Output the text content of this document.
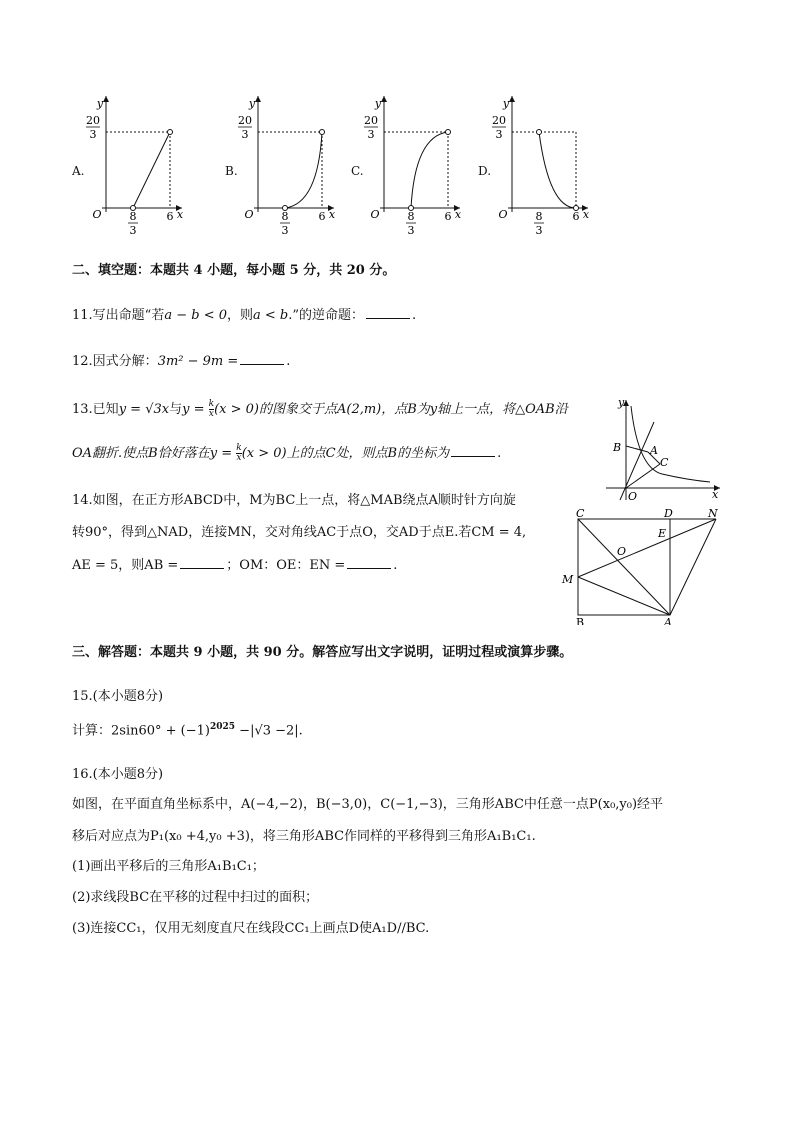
A.	B.	C.	D.
y
x
O
20
3
8
3
6
y
x
O
20
3
8
3
6
y
x
O
20
3
8
3
6
y
x
O
20
3
8
3
6
二、填空题：本题共 4 小题，每小题 5 分，共 20 分。
11.写出命题“若a − b < 0，则a < b.”的逆命题：	.
12.因式分解：3m² − 9m =	.
13.已知y = √3x与$y = \frac{k}{x} (x > 0)$的图象交于点A(2,m)，点B为y轴上一点，将△OAB沿
OA翻折.使点B恰好落在$y = \frac{k}{x} (x > 0)$上的点C处，则点B的坐标为	.
y
x
O
A
B
C
14.如图，在正方形ABCD中，M为BC上一点，将△MAB绕点A顺时针方向旋
转90°，得到△NAD，连接MN，交对角线AC于点O，交AD于点E.若CM = 4,
AE = 5，则AB =	；OM：OE：EN =	.
C	D	N
E
O
M
B	A
三、解答题：本题共 9 小题，共 90 分。解答应写出文字说明，证明过程或演算步骤。
15.(本小题8分)
计算：$2\sin 60^\circ + (-1)^{2025} -|√3 -2|$.
16.(本小题8分)
如图，在平面直角坐标系中，A(−4,−2)，B(−3,0)，C(−1,−3)，三角形ABC中任意一点P(x₀,y₀)经平
移后对应点为P₁(x₀ +4,y₀ +3)，将三角形ABC作同样的平移得到三角形A₁B₁C₁.
(1)画出平移后的三角形A₁B₁C₁；
(2)求线段BC在平移的过程中扫过的面积；
(3)连接CC₁，仅用无刻度直尺在线段CC₁上画点D使A₁D//BC.
